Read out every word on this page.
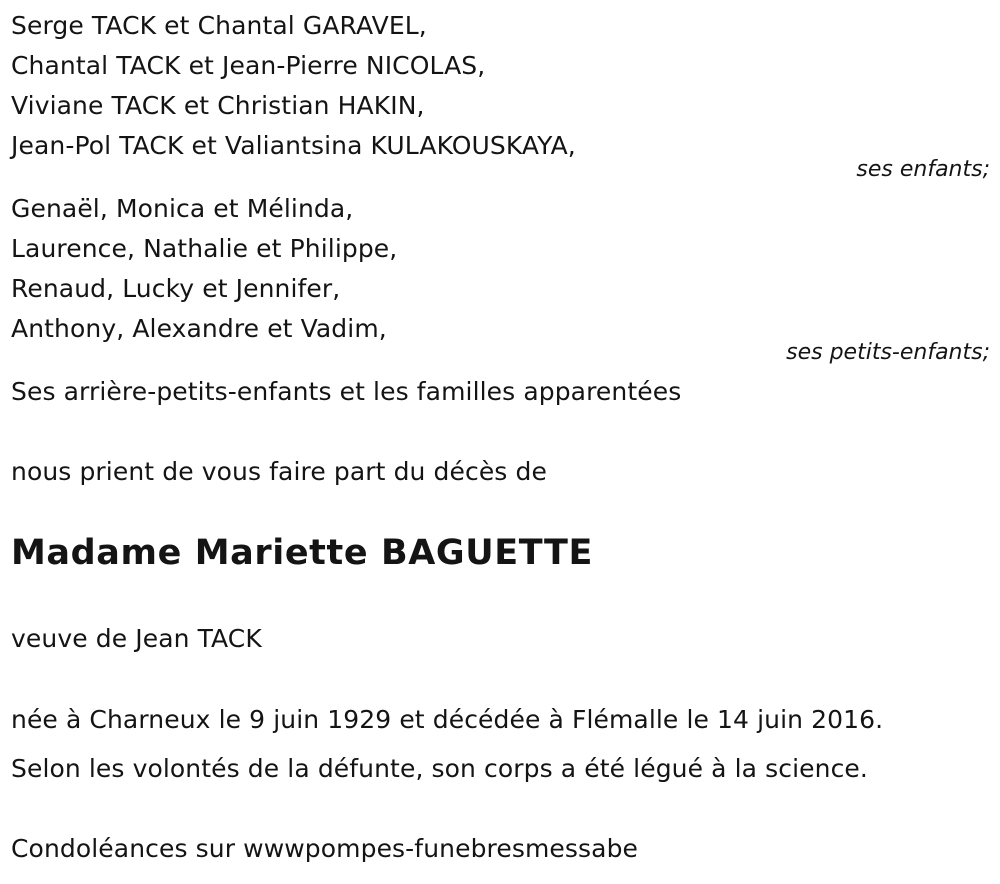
Serge TACK et Chantal GARAVEL,
Chantal TACK et Jean-Pierre NICOLAS,
Viviane TACK et Christian HAKIN,
Jean-Pol TACK et Valiantsina KULAKOUSKAYA,
ses enfants;
Genaël, Monica et Mélinda,
Laurence, Nathalie et Philippe,
Renaud, Lucky et Jennifer,
Anthony, Alexandre et Vadim,
ses petits-enfants;
Ses arrière-petits-enfants et les familles apparentées
nous prient de vous faire part du décès de
Madame Mariette BAGUETTE
veuve de Jean TACK
née à Charneux le 9 juin 1929 et décédée à Flémalle le 14 juin 2016.
Selon les volontés de la défunte, son corps a été légué à la science.
Condoléances sur wwwpompes-funebresmessabe
